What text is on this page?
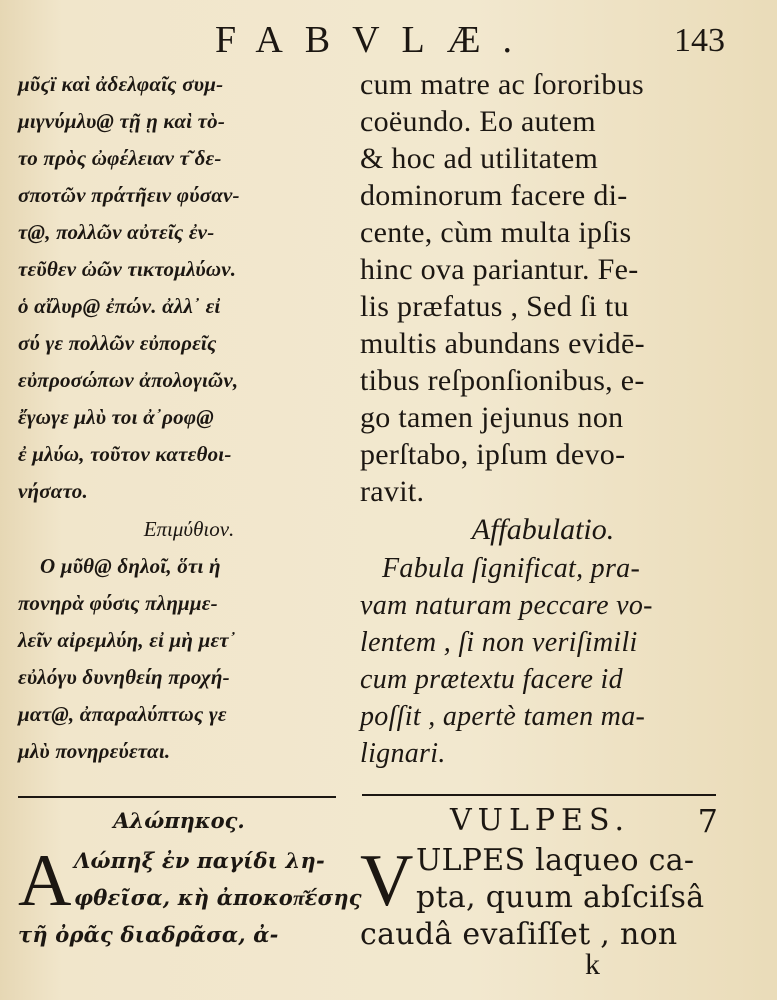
FABVLÆ.	143
μῦϛϊ καὶ ἀδελφαῖς συμ-
μιγνύμλυ@ τῇ ῃ καὶ τὸ-
το πρὸς ὠφέλειαν τ͂ δε-
σποτῶν πράτῆειν φύσαν-
τ@, πολλῶν αὐτεῖς ἐν-
τεῦθεν ὠῶν τικτομλύων.
ὁ αἴλυρ@ ἐπών. ἀλλ᾽ εἰ
σύ γε πολλῶν εὐπορεῖς
εὐπροσώπων ἀπολογιῶν,
ἔγωγε μλὺ τοι ἀ᾽ροφ@
ἐ μλύω, τοῦτον κατεθοι-
νήσατο.
Επιμύθιον.
Ο μῦθ@ δηλοῖ, ὅτι ἡ
πονηρὰ φύσις πλημμε-
λεῖν αἰρεμλύη, εἰ μὴ μετ᾽
εὐλόγυ δυνηθείη προχή-
ματ@, ἀπαραλύπτως γε
μλὺ πονηρεύεται.
cum matre ac ſororibus
coëundo. Eo autem
& hoc ad utilitatem
dominorum facere di-
cente, cùm multa ipſis
hinc ova pariantur. Fe-
lis præfatus , Sed ſi tu
multis abundans evidē-
tibus reſponſionibus, e-
go tamen jejunus non
perſtabo, ipſum devo-
ravit.
Affabulatio.
Fabula ſignificat, pra-
vam naturam peccare vo-
lentem , ſi non veriſimili
cum prætextu facere id
poſſit , apertè tamen ma-
lignari.
Αλώπηκος.
A Λώπηξ ἐν παγίδι λη-
φθεῖσα, κὴ ἀποκοπ͂έσης
τῆ ὀρᾶς διαδρᾶσα, ἀ-
VULPES.	7
V ULPES laqueo ca-
pta, quum abſciſsâ
caudâ evaſiſſet , non
k
